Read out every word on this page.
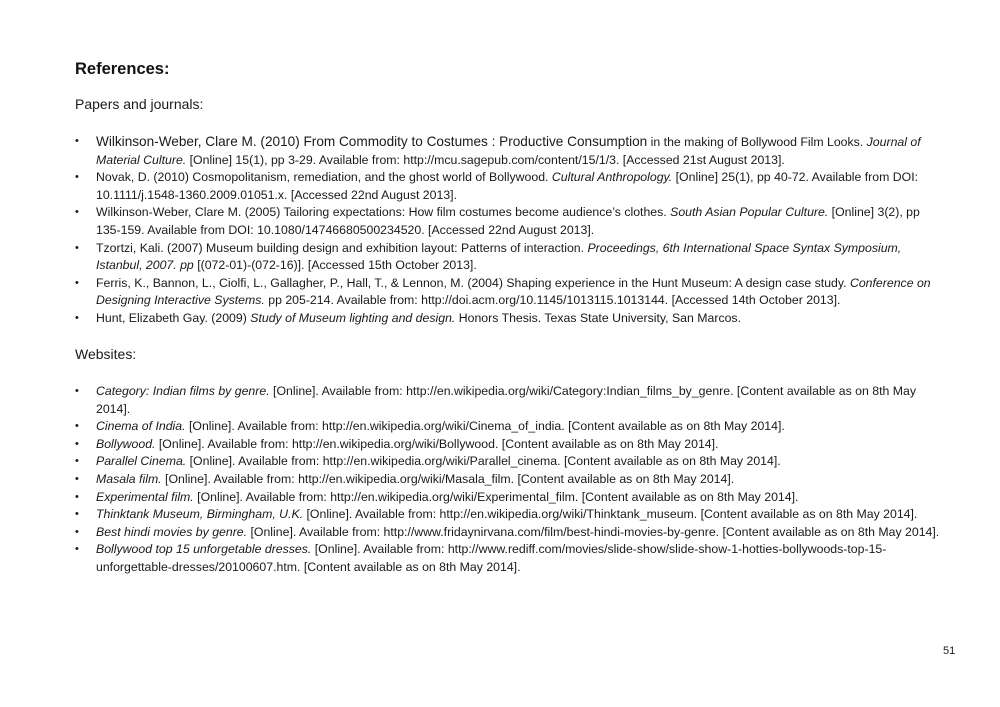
References:
Papers and journals:
• Wilkinson-Weber, Clare M. (2010) From Commodity to Costumes : Productive Consumption in the making of Bollywood Film Looks. Journal of Material Culture. [Online] 15(1), pp 3-29. Available from: http://mcu.sagepub.com/content/15/1/3. [Accessed 21st August 2013].
• Novak, D. (2010) Cosmopolitanism, remediation, and the ghost world of Bollywood. Cultural Anthropology. [Online] 25(1), pp 40-72. Available from DOI: 10.1111/j.1548-1360.2009.01051.x. [Accessed 22nd August 2013].
• Wilkinson-Weber, Clare M. (2005) Tailoring expectations: How film costumes become audience’s clothes. South Asian Popular Culture. [Online] 3(2), pp 135-159. Available from DOI: 10.1080/14746680500234520. [Accessed 22nd August 2013].
• Tzortzi, Kali. (2007) Museum building design and exhibition layout: Patterns of interaction. Proceedings, 6th International Space Syntax Symposium, Istanbul, 2007. pp [(072-01)-(072-16)]. [Accessed 15th October 2013].
• Ferris, K., Bannon, L., Ciolfi, L., Gallagher, P., Hall, T., & Lennon, M. (2004) Shaping experience in the Hunt Museum: A design case study. Conference on Designing Interactive Systems. pp 205-214. Available from: http://doi.acm.org/10.1145/1013115.1013144. [Accessed 14th October 2013].
• Hunt, Elizabeth Gay. (2009) Study of Museum lighting and design. Honors Thesis. Texas State University, San Marcos.
Websites:
• Category: Indian films by genre. [Online]. Available from: http://en.wikipedia.org/wiki/Category:Indian_films_by_genre. [Content available as on 8th May 2014].
• Cinema of India. [Online]. Available from: http://en.wikipedia.org/wiki/Cinema_of_india. [Content available as on 8th May 2014].
• Bollywood. [Online]. Available from: http://en.wikipedia.org/wiki/Bollywood. [Content available as on 8th May 2014].
• Parallel Cinema. [Online]. Available from: http://en.wikipedia.org/wiki/Parallel_cinema. [Content available as on 8th May 2014].
• Masala film. [Online]. Available from: http://en.wikipedia.org/wiki/Masala_film. [Content available as on 8th May 2014].
• Experimental film. [Online]. Available from: http://en.wikipedia.org/wiki/Experimental_film. [Content available as on 8th May 2014].
• Thinktank Museum, Birmingham, U.K. [Online]. Available from: http://en.wikipedia.org/wiki/Thinktank_museum. [Content available as on 8th May 2014].
• Best hindi movies by genre. [Online]. Available from: http://www.fridaynirvana.com/film/best-hindi-movies-by-genre. [Content available as on 8th May 2014].
• Bollywood top 15 unforgetable dresses. [Online]. Available from: http://www.rediff.com/movies/slide-show/slide-show-1-hotties-bollywoods-top-15-unforgettable-dresses/20100607.htm. [Content available as on 8th May 2014].
51
